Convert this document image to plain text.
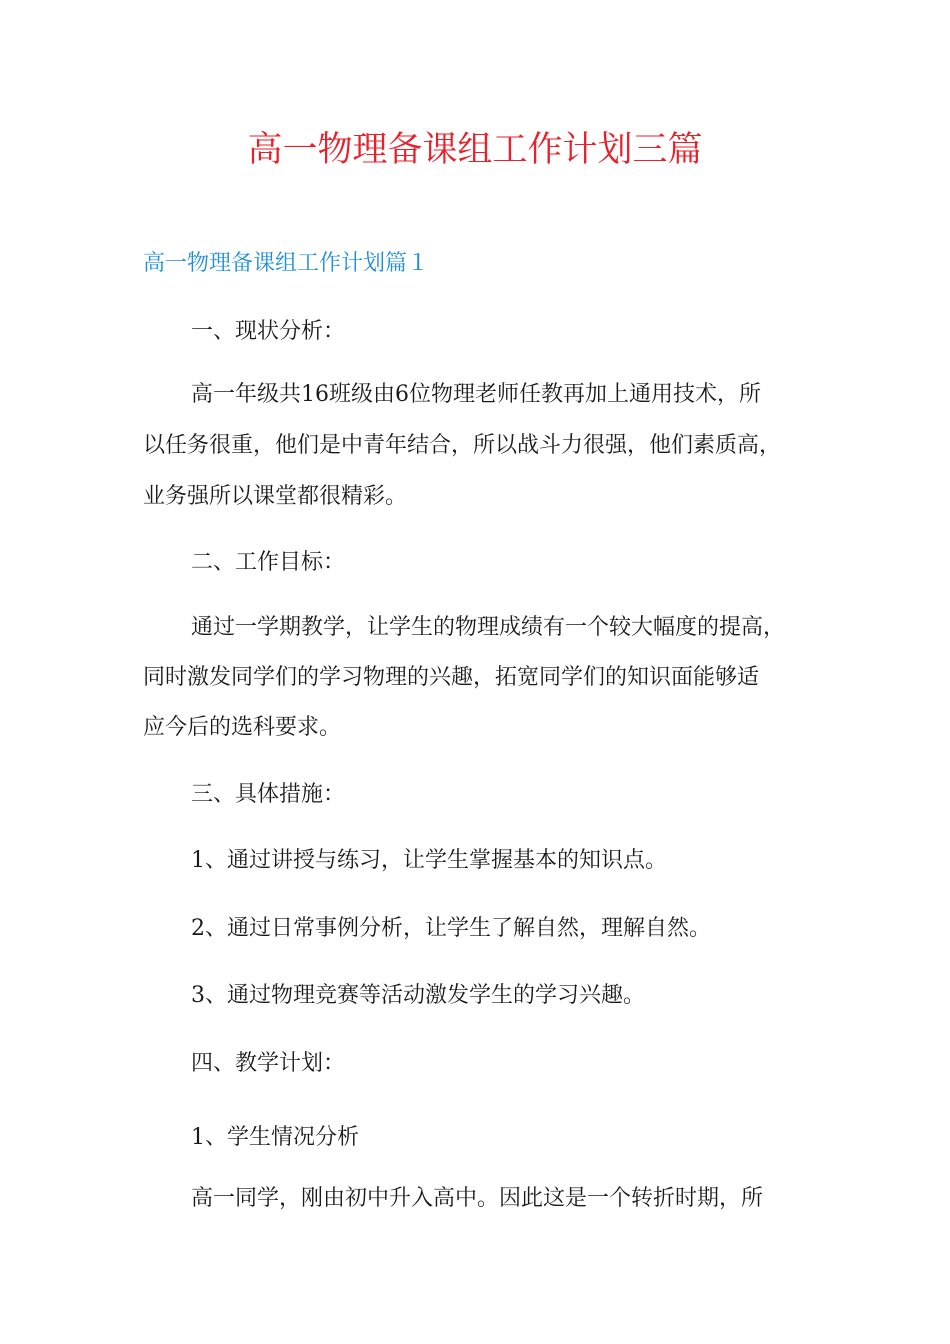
高一物理备课组工作计划三篇
高一物理备课组工作计划篇１

一、现状分析：

高一年级共16班级由6位物理老师任教再加上通用技术，所

以任务很重，他们是中青年结合，所以战斗力很强，他们素质高，

业务强所以课堂都很精彩。

二、工作目标：

通过一学期教学，让学生的物理成绩有一个较大幅度的提高，

同时激发同学们的学习物理的兴趣，拓宽同学们的知识面能够适

应今后的选科要求。

三、具体措施：

1、通过讲授与练习，让学生掌握基本的知识点。

2、通过日常事例分析，让学生了解自然，理解自然。

3、通过物理竞赛等活动激发学生的学习兴趣。

四、教学计划：

1、学生情况分析

高一同学，刚由初中升入高中。因此这是一个转折时期，所
